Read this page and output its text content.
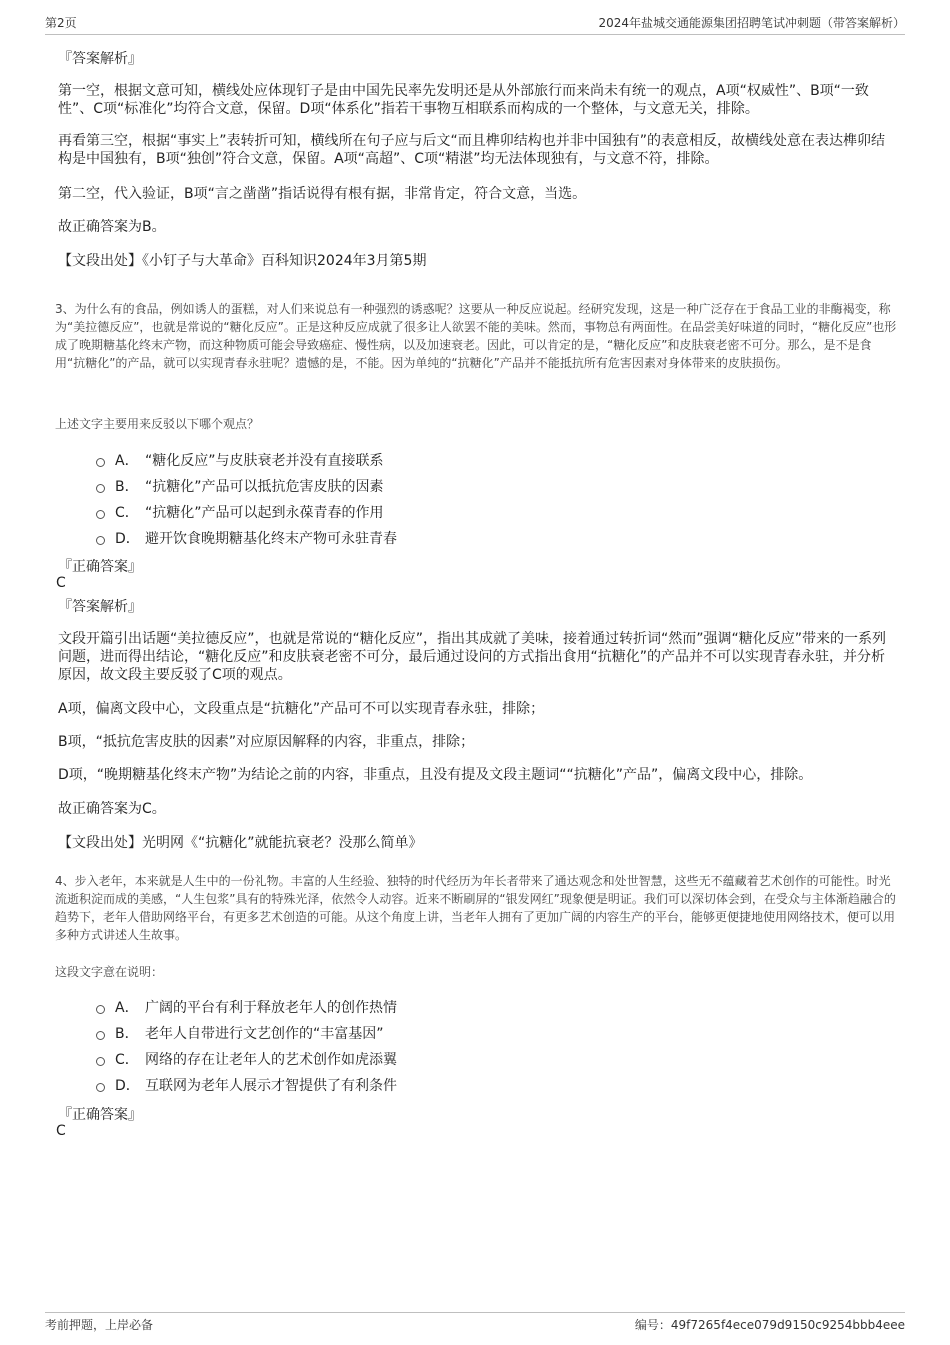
第2页	2024年盐城交通能源集团招聘笔试冲刺题（带答案解析）
『答案解析』
第一空，根据文意可知，横线处应体现钉子是由中国先民率先发明还是从外部旅行而来尚未有统一的观点，A项“权威性”、B项“一致性”、C项“标准化”均符合文意，保留。D项“体系化”指若干事物互相联系而构成的一个整体，与文意无关，排除。
再看第三空，根据“事实上”表转折可知，横线所在句子应与后文“而且榫卯结构也并非中国独有”的表意相反，故横线处意在表达榫卯结构是中国独有，B项“独创”符合文意，保留。A项“高超”、C项“精湛”均无法体现独有，与文意不符，排除。
第二空，代入验证，B项“言之凿凿”指话说得有根有据，非常肯定，符合文意，当选。
故正确答案为B。
【文段出处】《小钉子与大革命》百科知识2024年3月第5期
3、为什么有的食品，例如诱人的蛋糕，对人们来说总有一种强烈的诱惑呢？这要从一种反应说起。经研究发现，这是一种广泛存在于食品工业的非酶褐变，称为“美拉德反应”，也就是常说的“糖化反应”。正是这种反应成就了很多让人欲罢不能的美味。然而，事物总有两面性。在品尝美好味道的同时，“糖化反应”也形成了晚期糖基化终末产物，而这种物质可能会导致癌症、慢性病，以及加速衰老。因此，可以肯定的是，“糖化反应”和皮肤衰老密不可分。那么，是不是食用“抗糖化”的产品，就可以实现青春永驻呢？遗憾的是，不能。因为单纯的“抗糖化”产品并不能抵抗所有危害因素对身体带来的皮肤损伤。
上述文字主要用来反驳以下哪个观点？
A． “糖化反应”与皮肤衰老并没有直接联系
B． “抗糖化”产品可以抵抗危害皮肤的因素
C． “抗糖化”产品可以起到永葆青春的作用
D． 避开饮食晚期糖基化终末产物可永驻青春
『正确答案』
C
『答案解析』
文段开篇引出话题“美拉德反应”，也就是常说的“糖化反应”，指出其成就了美味，接着通过转折词“然而”强调“糖化反应”带来的一系列问题，进而得出结论，“糖化反应”和皮肤衰老密不可分，最后通过设问的方式指出食用“抗糖化”的产品并不可以实现青春永驻，并分析原因，故文段主要反驳了C项的观点。
A项，偏离文段中心，文段重点是“抗糖化”产品可不可以实现青春永驻，排除；
B项，“抵抗危害皮肤的因素”对应原因解释的内容，非重点，排除；
D项，“晚期糖基化终末产物”为结论之前的内容，非重点，且没有提及文段主题词““抗糖化”产品”，偏离文段中心，排除。
故正确答案为C。
【文段出处】光明网《“抗糖化”就能抗衰老？没那么简单》
4、步入老年，本来就是人生中的一份礼物。丰富的人生经验、独特的时代经历为年长者带来了通达观念和处世智慧，这些无不蕴藏着艺术创作的可能性。时光流逝积淀而成的美感，“人生包浆”具有的特殊光泽，依然令人动容。近来不断刷屏的“银发网红”现象便是明证。我们可以深切体会到，在受众与主体渐趋融合的趋势下，老年人借助网络平台，有更多艺术创造的可能。从这个角度上讲，当老年人拥有了更加广阔的内容生产的平台，能够更便捷地使用网络技术，便可以用多种方式讲述人生故事。
这段文字意在说明：
A． 广阔的平台有利于释放老年人的创作热情
B． 老年人自带进行文艺创作的“丰富基因”
C． 网络的存在让老年人的艺术创作如虎添翼
D． 互联网为老年人展示才智提供了有利条件
『正确答案』
C
考前押题，上岸必备	编号：49f7265f4ece079d9150c9254bbb4eee
